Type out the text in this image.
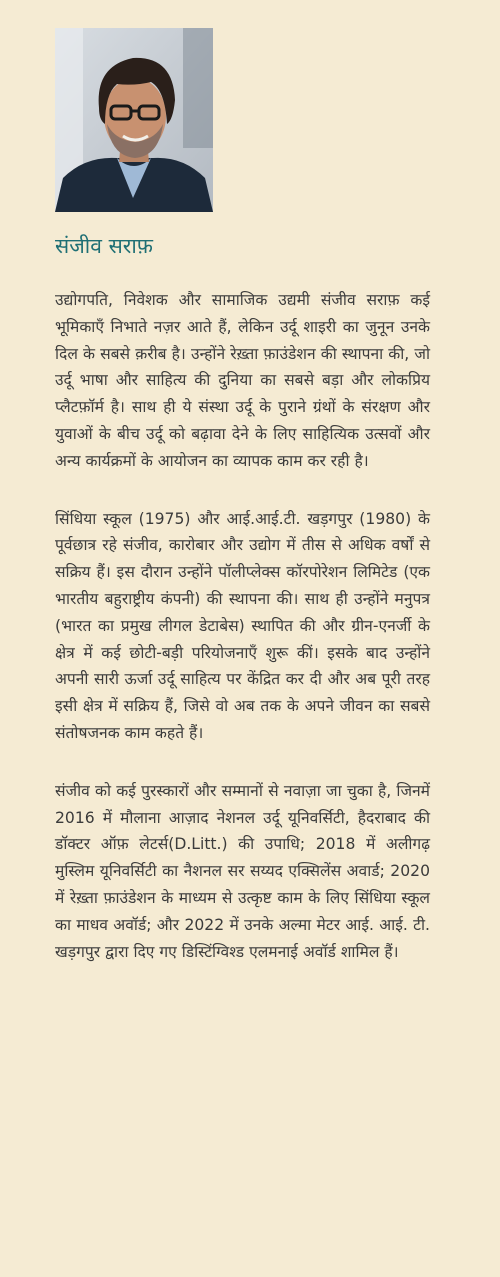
संजीव सराफ़

उद्योगपति, निवेशक और सामाजिक उद्यमी संजीव सराफ़ कई भूमिकाएँ निभाते नज़र आते हैं, लेकिन उर्दू शाइरी का जुनून उनके दिल के सबसे क़रीब है। उन्होंने रेख़्ता फ़ाउंडेशन की स्थापना की, जो उर्दू भाषा और साहित्य की दुनिया का सबसे बड़ा और लोकप्रिय प्लैटफ़ॉर्म है। साथ ही ये संस्था उर्दू के पुराने ग्रंथों के संरक्षण और युवाओं के बीच उर्दू को बढ़ावा देने के लिए साहित्यिक उत्सवों और अन्य कार्यक्रमों के आयोजन का व्यापक काम कर रही है।

सिंधिया स्कूल (1975) और आई.आई.टी. खड़गपुर (1980) के पूर्वछात्र रहे संजीव, कारोबार और उद्योग में तीस से अधिक वर्षों से सक्रिय हैं। इस दौरान उन्होंने पॉलीप्लेक्स कॉरपोरेशन लिमिटेड (एक भारतीय बहुराष्ट्रीय कंपनी) की स्थापना की। साथ ही उन्होंने मनुपत्र (भारत का प्रमुख लीगल डेटाबेस) स्थापित की और ग्रीन-एनर्जी के क्षेत्र में कई छोटी-बड़ी परियोजनाएँ शुरू कीं। इसके बाद उन्होंने अपनी सारी ऊर्जा उर्दू साहित्य पर केंद्रित कर दी और अब पूरी तरह इसी क्षेत्र में सक्रिय हैं, जिसे वो अब तक के अपने जीवन का सबसे संतोषजनक काम कहते हैं।

संजीव को कई पुरस्कारों और सम्मानों से नवाज़ा जा चुका है, जिनमें 2016 में मौलाना आज़ाद नेशनल उर्दू यूनिवर्सिटी, हैदराबाद की डॉक्टर ऑफ़ लेटर्स(D.Litt.) की उपाधि; 2018 में अलीगढ़ मुस्लिम यूनिवर्सिटी का नैशनल सर सय्यद एक्सिलेंस अवार्ड; 2020 में रेख़्ता फ़ाउंडेशन के माध्यम से उत्कृष्ट काम के लिए सिंधिया स्कूल का माधव अवॉर्ड; और 2022 में उनके अल्मा मेटर आई. आई. टी. खड़गपुर द्वारा दिए गए डिस्टिंग्विश्ड एलमनाई अवॉर्ड शामिल हैं।
